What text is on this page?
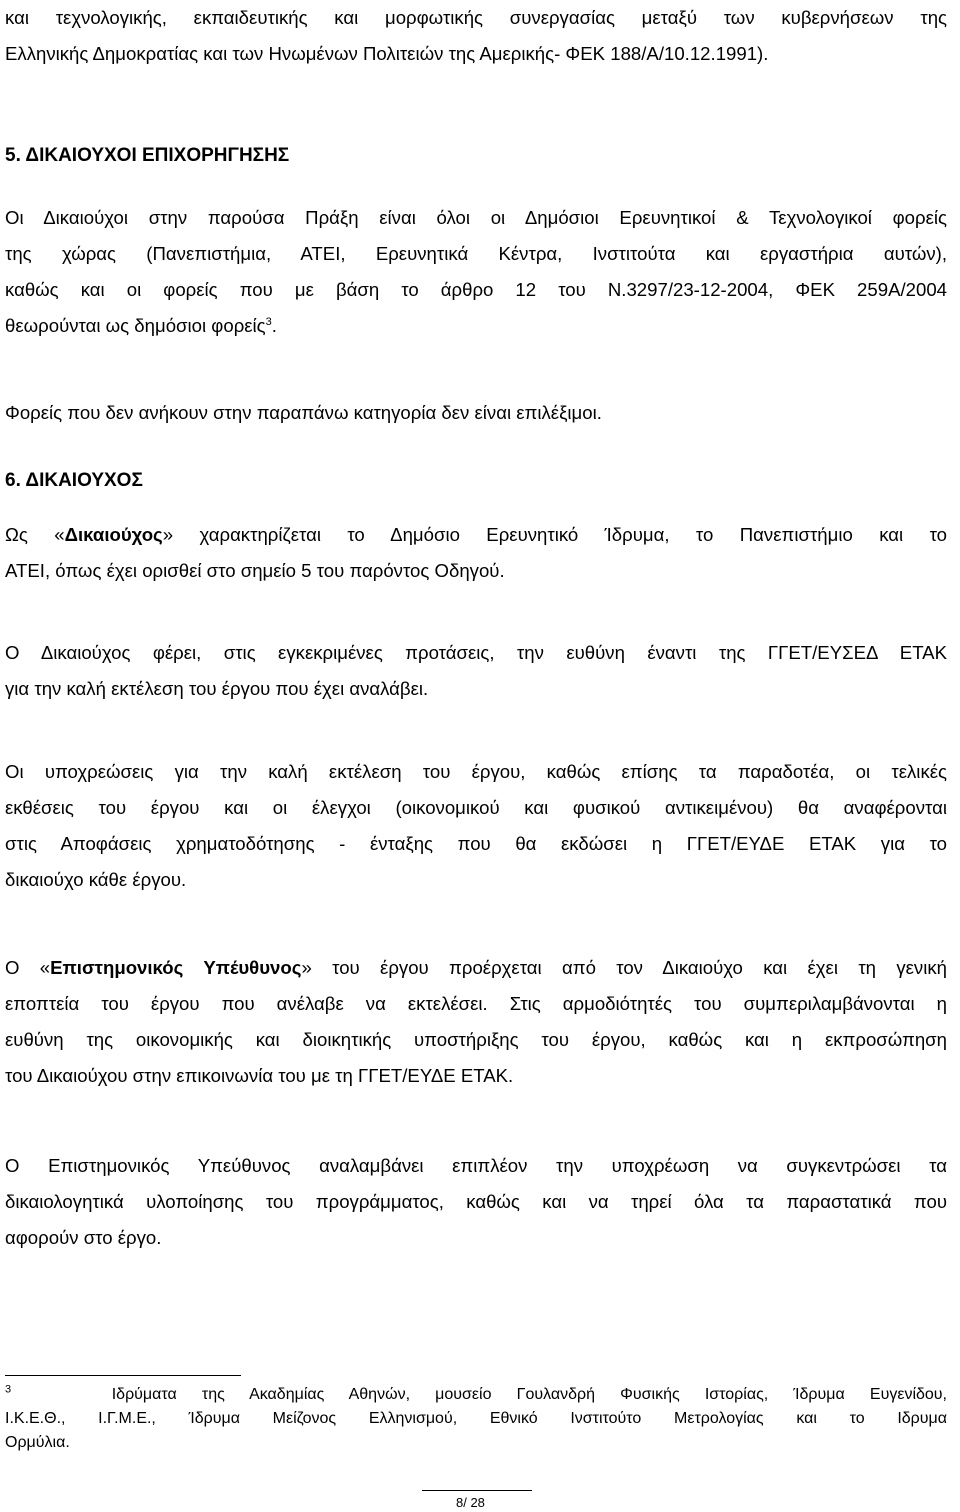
και τεχνολογικής, εκπαιδευτικής και μορφωτικής συνεργασίας μεταξύ των κυβερνήσεων της
Ελληνικής Δημοκρατίας και των Ηνωμένων Πολιτειών της Αμερικής- ΦΕΚ 188/Α/10.12.1991).
5. ΔΙΚΑΙΟΥΧΟΙ ΕΠΙΧΟΡΗΓΗΣΗΣ
Οι Δικαιούχοι στην παρούσα Πράξη είναι όλοι οι Δημόσιοι Ερευνητικοί & Τεχνολογικοί φορείς
της χώρας (Πανεπιστήμια, ΑΤΕΙ, Ερευνητικά Κέντρα, Ινστιτούτα και εργαστήρια αυτών),
καθώς και οι φορείς που με βάση το άρθρο 12 του Ν.3297/23-12-2004, ΦΕΚ 259Α/2004
θεωρούνται ως δημόσιοι φορείς$^3$.
Φορείς που δεν ανήκουν στην παραπάνω κατηγορία δεν είναι επιλέξιμοι.
6. ΔΙΚΑΙΟΥΧΟΣ
Ως «Δικαιούχος» χαρακτηρίζεται το Δημόσιο Ερευνητικό Ίδρυμα, το Πανεπιστήμιο και το
ΑΤΕΙ, όπως έχει ορισθεί στο σημείο 5 του παρόντος Οδηγού.
Ο Δικαιούχος φέρει, στις εγκεκριμένες προτάσεις, την ευθύνη έναντι της ΓΓΕΤ/ΕΥΣΕΔ ΕΤΑΚ
για την καλή εκτέλεση του έργου που έχει αναλάβει.
Οι υποχρεώσεις για την καλή εκτέλεση του έργου, καθώς επίσης τα παραδοτέα, οι τελικές
εκθέσεις του έργου και οι έλεγχοι (οικονομικού και φυσικού αντικειμένου) θα αναφέρονται
στις Αποφάσεις χρηματοδότησης - ένταξης που θα εκδώσει η ΓΓΕΤ/ΕΥΔΕ ΕΤΑΚ για το
δικαιούχο κάθε έργου.
Ο «Επιστημονικός Υπέυθυνος» του έργου προέρχεται από τον Δικαιούχο και έχει τη γενική
εποπτεία του έργου που ανέλαβε να εκτελέσει. Στις αρμοδιότητές του συμπεριλαμβάνονται η
ευθύνη της οικονομικής και διοικητικής υποστήριξης του έργου, καθώς και η εκπροσώπηση
του Δικαιούχου στην επικοινωνία του με τη ΓΓΕΤ/ΕΥΔΕ ΕΤΑΚ.
Ο Επιστημονικός Υπεύθυνος αναλαμβάνει επιπλέον την υποχρέωση να συγκεντρώσει τα
δικαιολογητικά υλοποίησης του προγράμματος, καθώς και να τηρεί όλα τα παραστατικά που
αφορούν στο έργο.
$^3$	Ιδρύματα της Ακαδημίας Αθηνών, μουσείο Γουλανδρή Φυσικής Ιστορίας, Ίδρυμα Ευγενίδου,
Ι.Κ.Ε.Θ., Ι.Γ.Μ.Ε., Ίδρυμα Μείζονος Ελληνισμού, Εθνικό Ινστιτούτο Μετρολογίας και το Ιδρυμα
Ορμύλια.
8/ 28
